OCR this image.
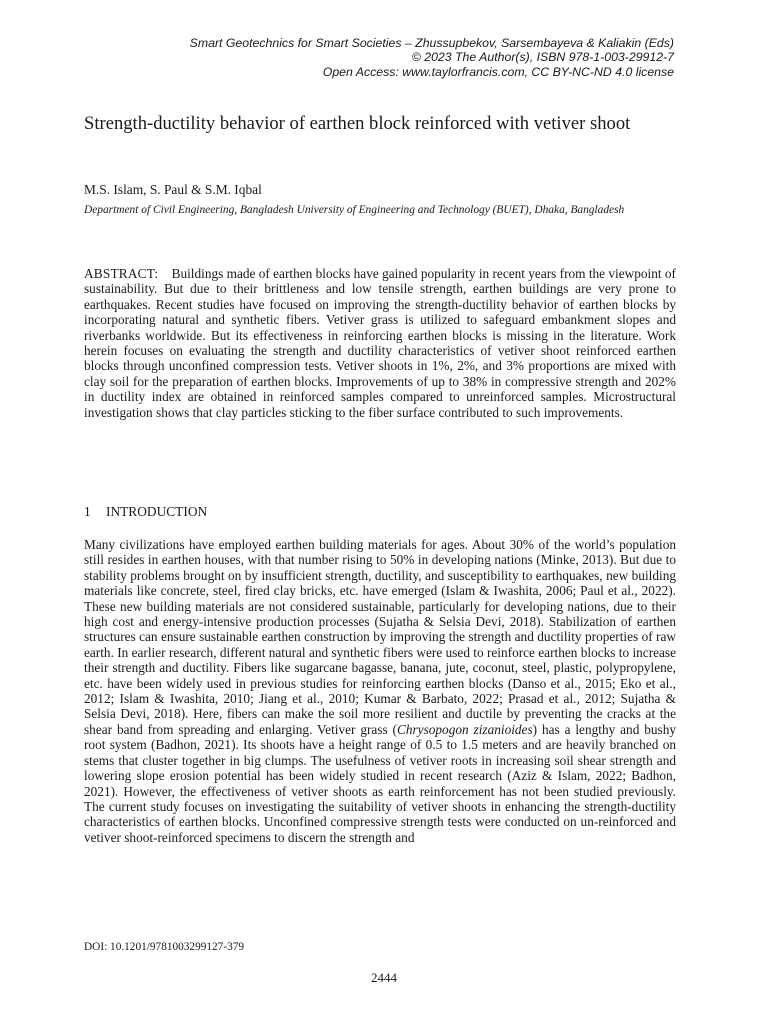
Smart Geotechnics for Smart Societies – Zhussupbekov, Sarsembayeva & Kaliakin (Eds)
© 2023 The Author(s), ISBN 978-1-003-29912-7
Open Access: www.taylorfrancis.com, CC BY-NC-ND 4.0 license
Strength-ductility behavior of earthen block reinforced with vetiver shoot
M.S. Islam, S. Paul & S.M. Iqbal
Department of Civil Engineering, Bangladesh University of Engineering and Technology (BUET), Dhaka, Bangladesh
ABSTRACT: Buildings made of earthen blocks have gained popularity in recent years from the viewpoint of sustainability. But due to their brittleness and low tensile strength, earthen buildings are very prone to earthquakes. Recent studies have focused on improving the strength-ductility behavior of earthen blocks by incorporating natural and synthetic fibers. Vetiver grass is utilized to safeguard embankment slopes and riverbanks worldwide. But its effectiveness in reinforcing earthen blocks is missing in the literature. Work herein focuses on evaluating the strength and ductility characteristics of vetiver shoot reinforced earthen blocks through unconfined compression tests. Vetiver shoots in 1%, 2%, and 3% proportions are mixed with clay soil for the preparation of earthen blocks. Improvements of up to 38% in compressive strength and 202% in ductility index are obtained in reinforced samples compared to unreinforced samples. Microstructural investigation shows that clay particles sticking to the fiber surface contributed to such improvements.
1 INTRODUCTION
Many civilizations have employed earthen building materials for ages. About 30% of the world’s population still resides in earthen houses, with that number rising to 50% in developing nations (Minke, 2013). But due to stability problems brought on by insufficient strength, ductility, and susceptibility to earthquakes, new building materials like concrete, steel, fired clay bricks, etc. have emerged (Islam & Iwashita, 2006; Paul et al., 2022). These new building materials are not considered sustainable, particularly for developing nations, due to their high cost and energy-intensive production processes (Sujatha & Selsia Devi, 2018). Stabilization of earthen structures can ensure sustainable earthen construction by improving the strength and ductility properties of raw earth. In earlier research, different natural and synthetic fibers were used to reinforce earthen blocks to increase their strength and ductility. Fibers like sugarcane bagasse, banana, jute, coconut, steel, plastic, polypropylene, etc. have been widely used in previous studies for reinforcing earthen blocks (Danso et al., 2015; Eko et al., 2012; Islam & Iwashita, 2010; Jiang et al., 2010; Kumar & Barbato, 2022; Prasad et al., 2012; Sujatha & Selsia Devi, 2018). Here, fibers can make the soil more resilient and ductile by preventing the cracks at the shear band from spreading and enlarging. Vetiver grass (Chrysopogon zizanioides) has a lengthy and bushy root system (Badhon, 2021). Its shoots have a height range of 0.5 to 1.5 meters and are heavily branched on stems that cluster together in big clumps. The usefulness of vetiver roots in increasing soil shear strength and lowering slope erosion potential has been widely studied in recent research (Aziz & Islam, 2022; Badhon, 2021). However, the effectiveness of vetiver shoots as earth reinforcement has not been studied previously. The current study focuses on investigating the suitability of vetiver shoots in enhancing the strength-ductility characteristics of earthen blocks. Unconfined compressive strength tests were conducted on un-reinforced and vetiver shoot-reinforced specimens to discern the strength and
DOI: 10.1201/9781003299127-379
2444
